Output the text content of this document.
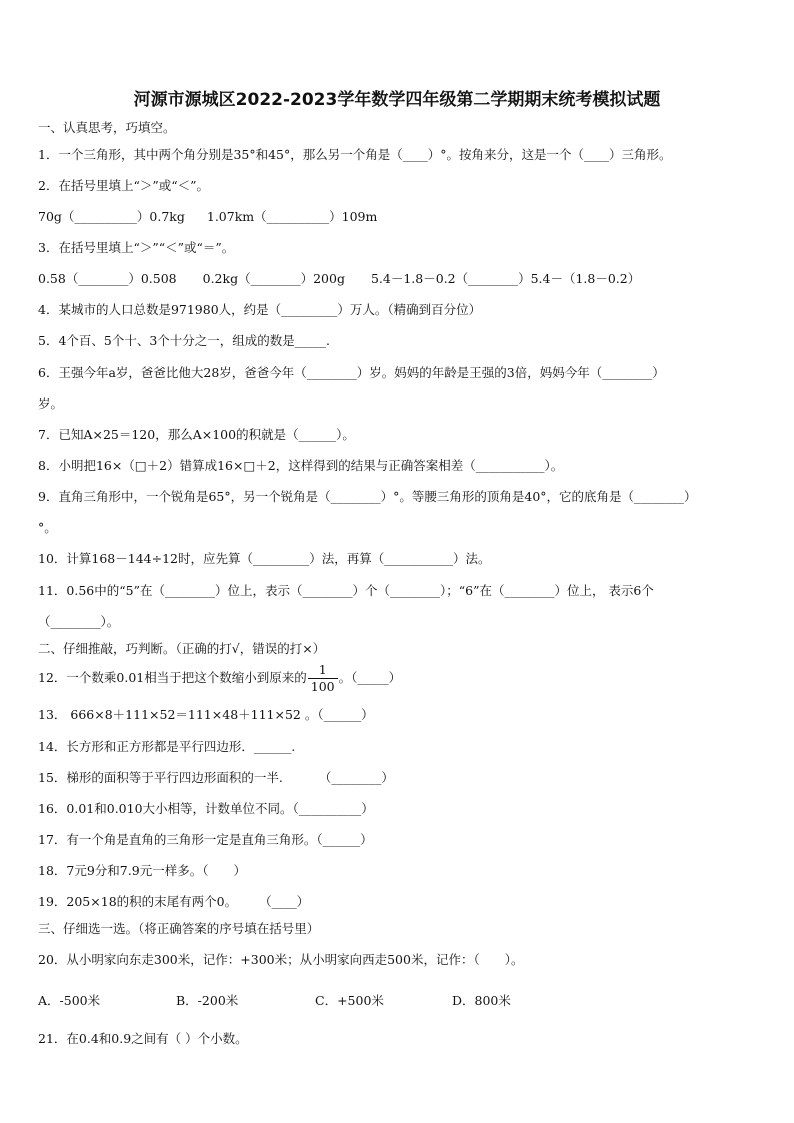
河源市源城区2022-2023学年数学四年级第二学期期末统考模拟试题
一、认真思考，巧填空。
1．一个三角形，其中两个角分别是35°和45°，那么另一个角是（____）°。按角来分，这是一个（____）三角形。
2．在括号里填上“＞”或“＜”。
70g（__________）0.7kg 1.07km（__________）109m
3．在括号里填上“＞”“＜”或“＝”。
0.58（________）0.508 0.2kg（________）200g 5.4－1.8－0.2（________）5.4－（1.8－0.2）
4．某城市的人口总数是971980人，约是（_________）万人。（精确到百分位）
5．4个百、5个十、3个十分之一，组成的数是_____.
6．王强今年a岁，爸爸比他大28岁，爸爸今年（________）岁。妈妈的年龄是王强的3倍，妈妈今年（________）
岁。
7．已知A×25＝120，那么A×100的积就是（______）。
8．小明把16×（□＋2）错算成16×□＋2，这样得到的结果与正确答案相差（___________）。
9．直角三角形中，一个锐角是65°，另一个锐角是（________）°。等腰三角形的顶角是40°，它的底角是（________）
°。
10．计算168－144÷12时，应先算（_________）法，再算（___________）法。
11．0.56中的“5”在（________）位上，表示（________）个（________）；“6”在（________）位上， 表示6个
（________）。
二、仔细推敲，巧判断。（正确的打√，错误的打×）
12．一个数乘0.01相当于把这个数缩小到原来的 $\frac{1}{100}$ 。（_____）
13． 666×8＋111×52＝111×48＋111×52 。（______）
14．长方形和正方形都是平行四边形．______.
15．梯形的面积等于平行四边形面积的一半.	（________）
16．0.01和0.010大小相等，计数单位不同。（__________）
17．有一个角是直角的三角形一定是直角三角形。（______）
18．7元9分和7.9元一样多。（　　）
19．205×18的积的末尾有两个0。 （____）
三、仔细选一选。（将正确答案的序号填在括号里）
20．从小明家向东走300米，记作：+300米；从小明家向西走500米，记作：（　　）。
A．-500米	B．-200米	C．+500米	D．800米
21．在0.4和0.9之间有（ ）个小数。
